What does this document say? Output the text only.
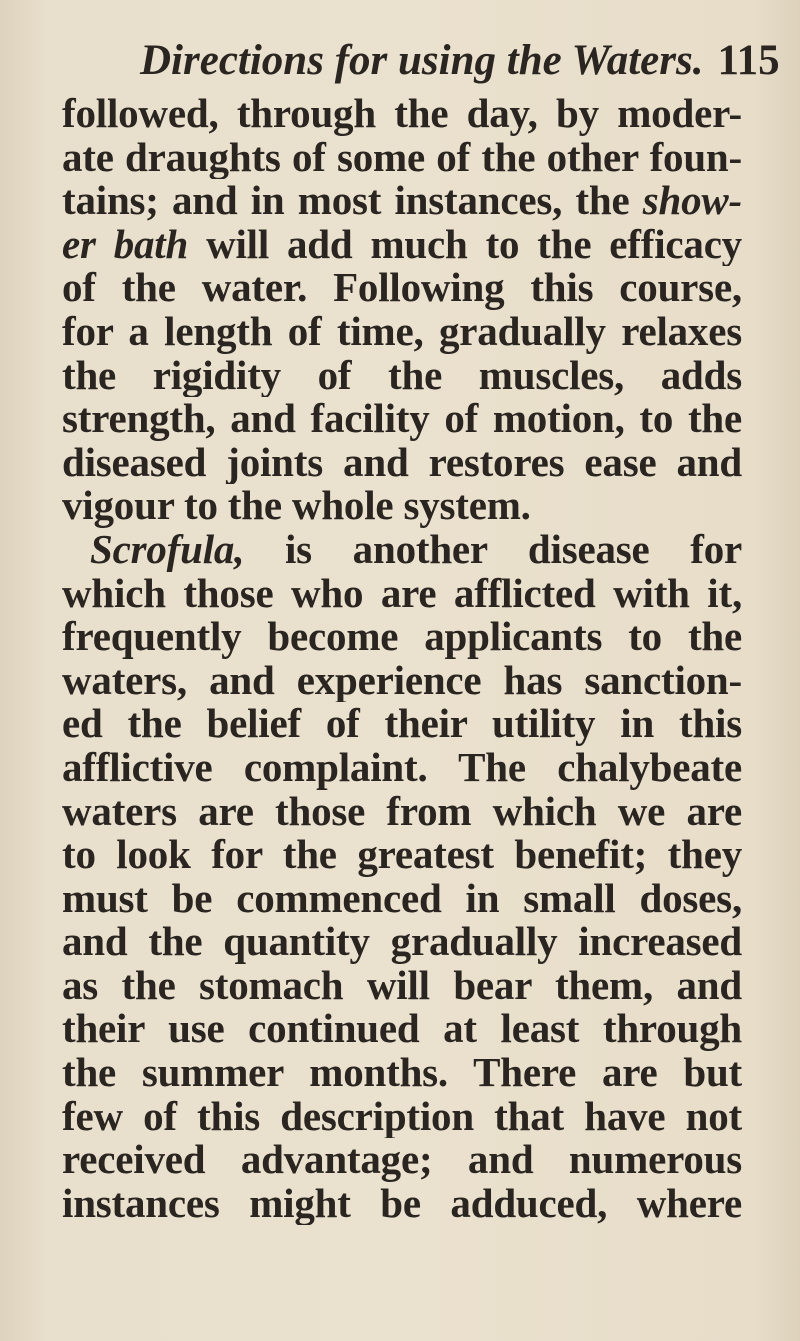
Directions for using the Waters. 115
followed, through the day, by moder-
ate draughts of some of the other foun-
tains; and in most instances, the show-
er bath will add much to the efficacy
of the water. Following this course,
for a length of time, gradually relaxes
the rigidity of the muscles, adds
strength, and facility of motion, to the
diseased joints and restores ease and
vigour to the whole system.
Scrofula, is another disease for
which those who are afflicted with it,
frequently become applicants to the
waters, and experience has sanction-
ed the belief of their utility in this
afflictive complaint. The chalybeate
waters are those from which we are
to look for the greatest benefit; they
must be commenced in small doses,
and the quantity gradually increased
as the stomach will bear them, and
their use continued at least through
the summer months. There are but
few of this description that have not
received advantage; and numerous
instances might be adduced, where
